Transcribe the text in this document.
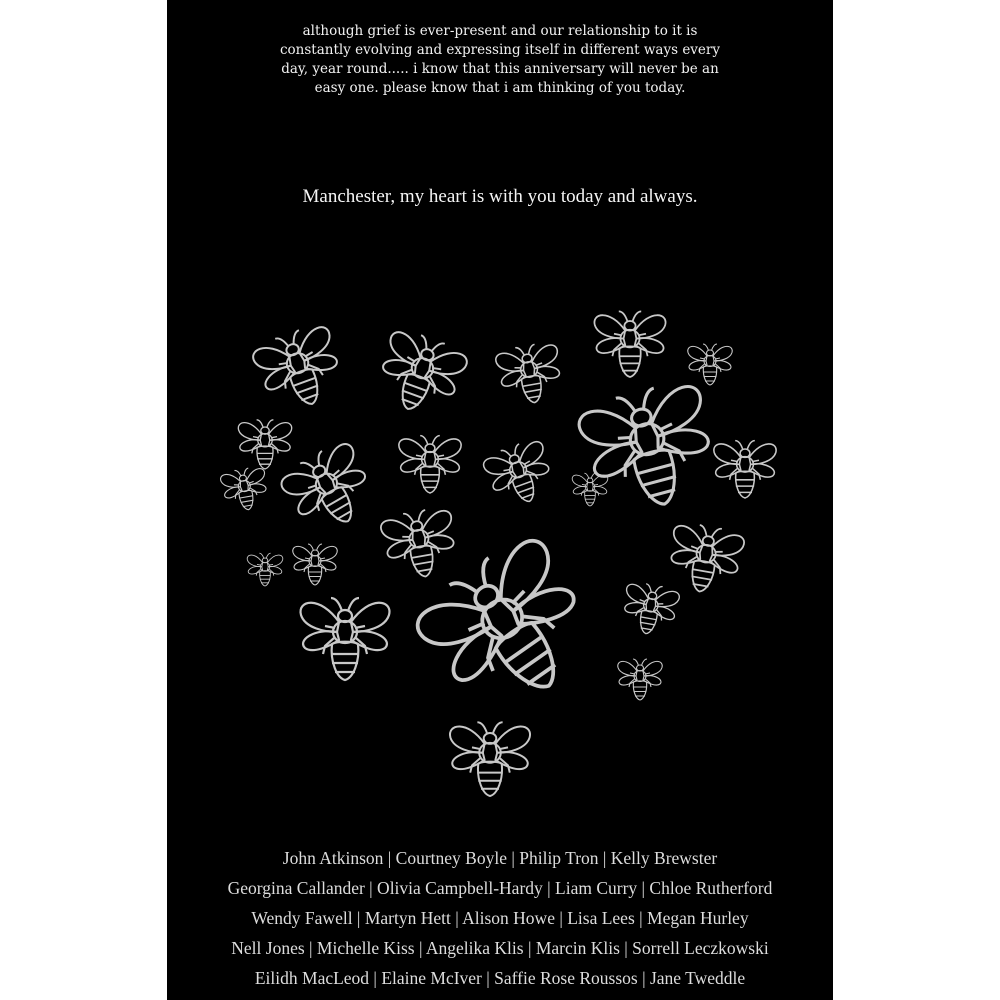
although grief is ever-present and our relationship to it is
constantly evolving and expressing itself in different ways every
day, year round..... i know that this anniversary will never be an
easy one. please know that i am thinking of you today.
Manchester, my heart is with you today and always.
John Atkinson | Courtney Boyle | Philip Tron | Kelly Brewster
Georgina Callander | Olivia Campbell-Hardy | Liam Curry | Chloe Rutherford
Wendy Fawell | Martyn Hett | Alison Howe | Lisa Lees | Megan Hurley
Nell Jones | Michelle Kiss | Angelika Klis | Marcin Klis | Sorrell Leczkowski
Eilidh MacLeod | Elaine McIver | Saffie Rose Roussos | Jane Tweddle
